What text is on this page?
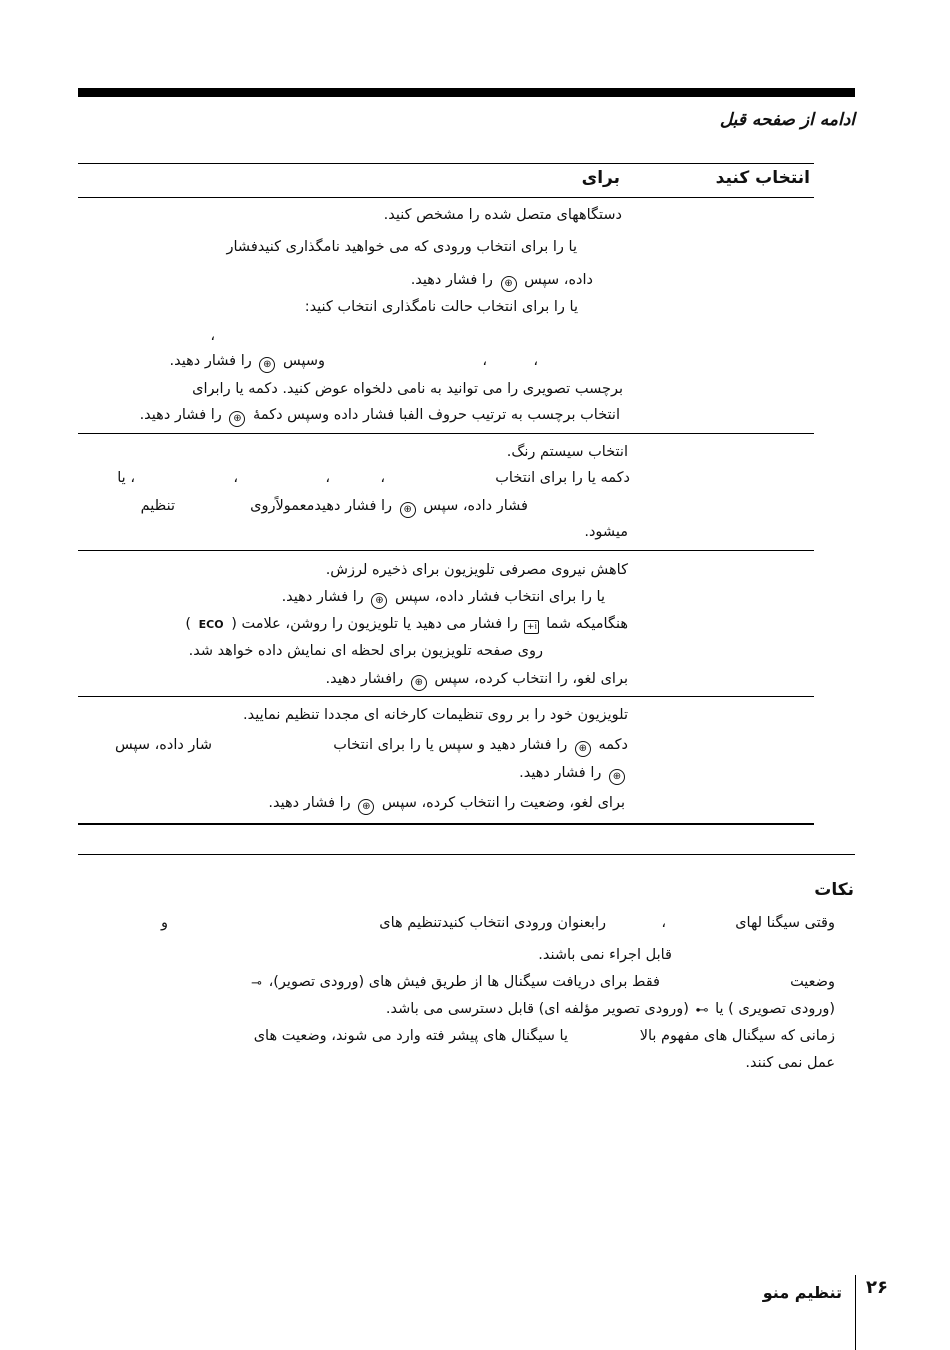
ادامه از صفحه قبل
انتخاب کنید
برای
دستگاههای متصل شده را مشخص کنید.
یا را برای انتخاب ورودی که می خواهید نامگذاری کنیدفشار
داده، سپس ⊕ را فشار دهید.
یا را برای انتخاب حالت نامگذاری انتخاب کنید:
،
،
،
وسپس ⊕ را فشار دهید.
برچسب تصویری را می توانید به نامی دلخواه عوض کنید. دکمه یا رابرای
انتخاب برچسب به ترتیب حروف الفبا فشار داده وسپس دکمهٔ ⊕ را فشار دهید.
انتخاب سیستم رنگ.
دکمه یا را برای انتخاب
،
،
،
، یا
فشار داده، سپس ⊕ را فشار دهیدمعمولاًروی
تنظیم
میشود.
کاهش نیروی مصرفی تلویزیون برای ذخیره لرزش.
یا را برای انتخاب فشار داده، سپس ⊕ را فشار دهید.
هنگامیکه شما i+ را فشار می دهید یا تلویزیون را روشن، علامت ( ECO )
روی صفحه تلویزیون برای لحظه ای نمایش داده خواهد شد.
برای لغو، را انتخاب کرده، سپس ⊕ رافشار دهید.
تلویزیون خود را بر روی تنظیمات کارخانه ای مجددا تنظیم نمایید.
دکمه ⊕ را فشار دهید و سپس یا را برای انتخاب
شار داده، سپس
⊕ را فشار دهید.
برای لغو، وضعیت را انتخاب کرده، سپس ⊕ را فشار دهید.
نکات
وقتی سیگنا لهای
،
رابعنوان ورودی انتخاب کنیدتنظیم های
و
قابل اجراء نمی باشند.
وضعیت
فقط برای دریافت سیگنال ها از طریق فیش های (ورودی تصویر)، ⊸
(ورودی تصویری ) یا ⊶ (ورودی تصویر مؤلفه ای) قابل دسترسی می باشد.
زمانی که سیگنال های مفهوم بالا
یا سیگنال های پیشر فته وارد می شوند، وضعیت های
عمل نمی کنند.
۲۶
تنظیم منو
